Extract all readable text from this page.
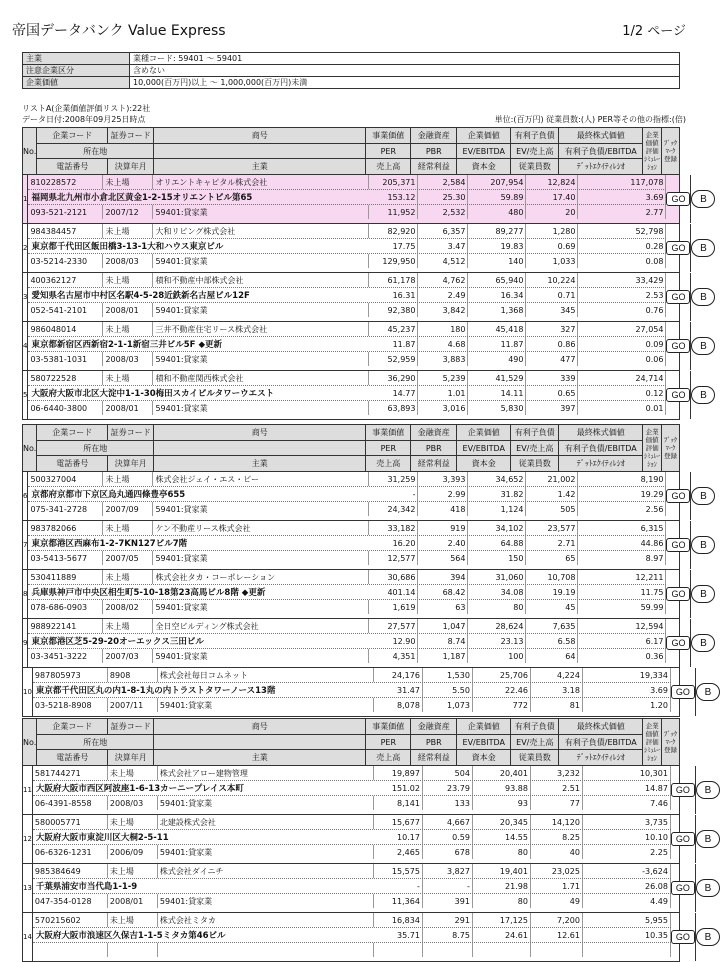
帝国データバンク Value Express	1/2 ページ
主業	業種コード: 59401 〜 59401
注意企業区分	含めない
企業価値	10,000(百万円)以上 〜 1,000,000(百万円)未満
リストA(企業価値評価リスト):22社
データ日付:2008年09月25日時点	単位:(百万円) 従業員数:(人) PER等その他の指標:(倍)
No.
企業コード	証券コード	商号	事業価値	金融資産	企業価値	有利子負債	最終株式価値
所在地	PER	PBR	EV/EBITDA	EV/売上高	有利子負債/EBITDA
電話番号	決算年月	主業	売上高	経常利益	資本金	従業員数	ﾃﾞｯﾄｴｸｲﾃｨﾚｼｵ
企業価値 評価 ｼﾐｭﾚｰｼｮﾝ
ﾌﾞｯｸ ﾏｰｸ 登録
1
810228572	未上場	オリエントキャピタル株式会社	205,371	2,584	207,954	12,824	117,078
福岡県北九州市小倉北区黄金1-2-15オリエントビル第65	153.12	25.30	59.89	17.40	3.69
093-521-2121	2007/12	59401:貸家業	11,952	2,532	480	20	2.77
GO	B
2
984384457	未上場	大和リビング株式会社	82,920	6,357	89,277	1,280	52,798
東京都千代田区飯田橋3-13-1大和ハウス東京ビル	17.75	3.47	19.83	0.69	0.28
03-5214-2330	2008/03	59401:貸家業	129,950	4,512	140	1,033	0.08
GO	B
3
400362127	未上場	積和不動産中部株式会社	61,178	4,762	65,940	10,224	33,429
愛知県名古屋市中村区名駅4-5-28近鉄新名古屋ビル12F	16.31	2.49	16.34	0.71	2.53
052-541-2101	2008/01	59401:貸家業	92,380	3,842	1,368	345	0.76
GO	B
4
986048014	未上場	三井不動産住宅リース株式会社	45,237	180	45,418	327	27,054
東京都新宿区西新宿2-1-1新宿三井ビル5F ◆更新	11.87	4.68	11.87	0.86	0.09
03-5381-1031	2008/03	59401:貸家業	52,959	3,883	490	477	0.06
GO	B
5
580722528	未上場	積和不動産関西株式会社	36,290	5,239	41,529	339	24,714
大阪府大阪市北区大淀中1-1-30梅田スカイビルタワーウエスト	14.77	1.01	14.11	0.65	0.12
06-6440-3800	2008/01	59401:貸家業	63,893	3,016	5,830	397	0.01
GO	B
No.
企業コード	証券コード	商号	事業価値	金融資産	企業価値	有利子負債	最終株式価値
所在地	PER	PBR	EV/EBITDA	EV/売上高	有利子負債/EBITDA
電話番号	決算年月	主業	売上高	経常利益	資本金	従業員数	ﾃﾞｯﾄｴｸｲﾃｨﾚｼｵ
企業価値 評価 ｼﾐｭﾚｰｼｮﾝ
ﾌﾞｯｸ ﾏｰｸ 登録
6
500327004	未上場	株式会社ジェイ・エス・ビー	31,259	3,393	34,652	21,002	8,190
京都府京都市下京区烏丸通四條豊亭655	-	2.99	31.82	1.42	19.29
075-341-2728	2007/09	59401:貸家業	24,342	418	1,124	505	2.56
GO	B
7
983782066	未上場	ケン不動産リース株式会社	33,182	919	34,102	23,577	6,315
東京都港区西麻布1-2-7KN127ビル7階	16.20	2.40	64.88	2.71	44.86
03-5413-5677	2007/05	59401:貸家業	12,577	564	150	65	8.97
GO	B
8
530411889	未上場	株式会社タカ・コーポレーション	30,686	394	31,060	10,708	12,211
兵庫県神戸市中央区相生町5-10-18第23高馬ビル8階 ◆更新	401.14	68.42	34.08	19.19	11.75
078-686-0903	2008/02	59401:貸家業	1,619	63	80	45	59.99
GO	B
9
988922141	未上場	全日空ビルディング株式会社	27,577	1,047	28,624	7,635	12,594
東京都港区芝5-29-20オーエックス三田ビル	12.90	8.74	23.13	6.58	6.17
03-3451-3222	2007/03	59401:貸家業	4,351	1,187	100	64	0.36
GO	B
10
987805973	8908	株式会社毎日コムネット	24,176	1,530	25,706	4,224	19,334
東京都千代田区丸の内1-8-1丸の内トラストタワーノース13階	31.47	5.50	22.46	3.18	3.69
03-5218-8908	2007/11	59401:貸家業	8,078	1,073	772	81	1.20
GO	B
No.
企業コード	証券コード	商号	事業価値	金融資産	企業価値	有利子負債	最終株式価値
所在地	PER	PBR	EV/EBITDA	EV/売上高	有利子負債/EBITDA
電話番号	決算年月	主業	売上高	経常利益	資本金	従業員数	ﾃﾞｯﾄｴｸｲﾃｨﾚｼｵ
企業価値 評価 ｼﾐｭﾚｰｼｮﾝ
ﾌﾞｯｸ ﾏｰｸ 登録
11
581744271	未上場	株式会社アロー建物管理	19,897	504	20,401	3,232	10,301
大阪府大阪市西区阿波座1-6-13カーニープレイス本町	151.02	23.79	93.88	2.51	14.87
06-4391-8558	2008/03	59401:貸家業	8,141	133	93	77	7.46
GO	B
12
580005771	未上場	北建設株式会社	15,677	4,667	20,345	14,120	3,735
大阪府大阪市東淀川区大桐2-5-11	10.17	0.59	14.55	8.25	10.10
06-6326-1231	2006/09	59401:貸家業	2,465	678	80	40	2.25
GO	B
13
985384649	未上場	株式会社ダイニチ	15,575	3,827	19,401	23,025	-3,624
千葉県浦安市当代島1-1-9	-	-	21.98	1.71	26.08
047-354-0128	2008/01	59401:貸家業	11,364	391	80	49	4.49
GO	B
14
570215602	未上場	株式会社ミタカ	16,834	291	17,125	7,200	5,955
大阪府大阪市浪速区久保吉1-1-5ミタカ第46ビル	35.71	8.75	24.61	12.61	10.35 GO	B
